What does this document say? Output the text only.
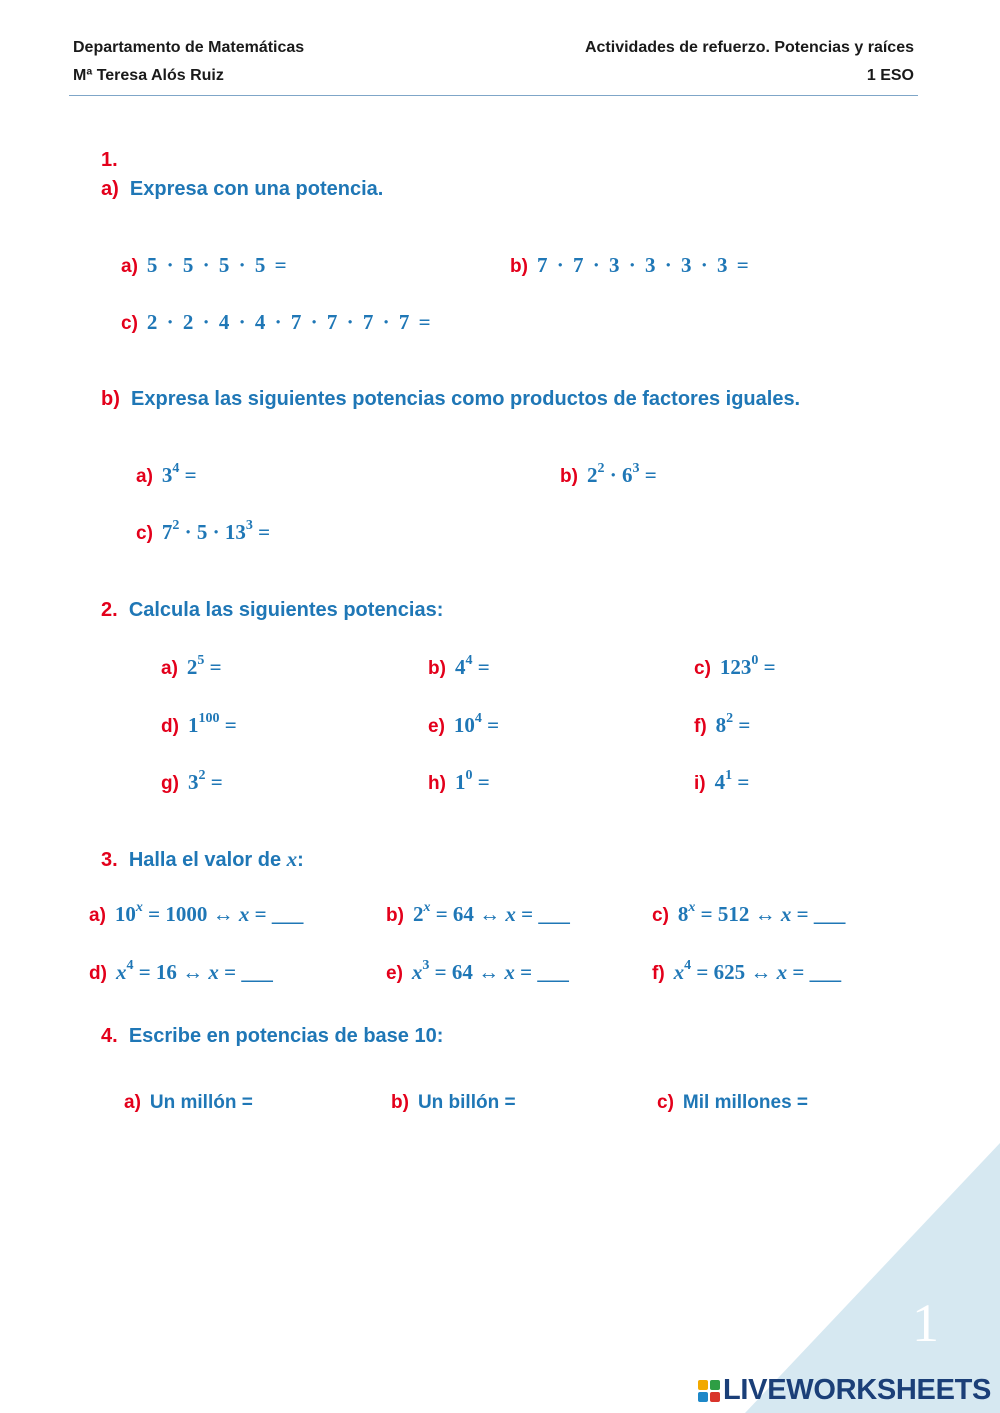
Departamento de Matemáticas
Mª Teresa Alós Ruiz
Actividades de refuerzo. Potencias y raíces
1 ESO
1.
a) Expresa con una potencia.
a) 5 · 5 · 5 · 5 =	b) 7 · 7 · 3 · 3 · 3 · 3 =
c) 2 · 2 · 4 · 4 · 7 · 7 · 7 · 7 =
b) Expresa las siguientes potencias como productos de factores iguales.
a) $3^4$ =	b) $2^2 \cdot 6^3$ =
c) $7^2 \cdot 5 \cdot 13^3$ =
2. Calcula las siguientes potencias:
a) $2^5$ =	b) $4^4$ =	c) $123^0$ =
d) $1^{100}$ =	e) $10^4$ =	f) $8^2$ =
g) $3^2$ =	h) $1^0$ =	i) $4^1$ =
3. Halla el valor de x:
a) $10^x = 1000$ ↔ x = ___	b) $2^x = 64$ ↔ x = ___	c) $8^x = 512$ ↔ x = ___
d) $x^4 = 16$ ↔ x = ___	e) $x^3 = 64$ ↔ x = ___	f) $x^4 = 625$ ↔ x = ___
4. Escribe en potencias de base 10:
a) Un millón =	b) Un billón =	c) Mil millones =
1
LIVEWORKSHEETS
